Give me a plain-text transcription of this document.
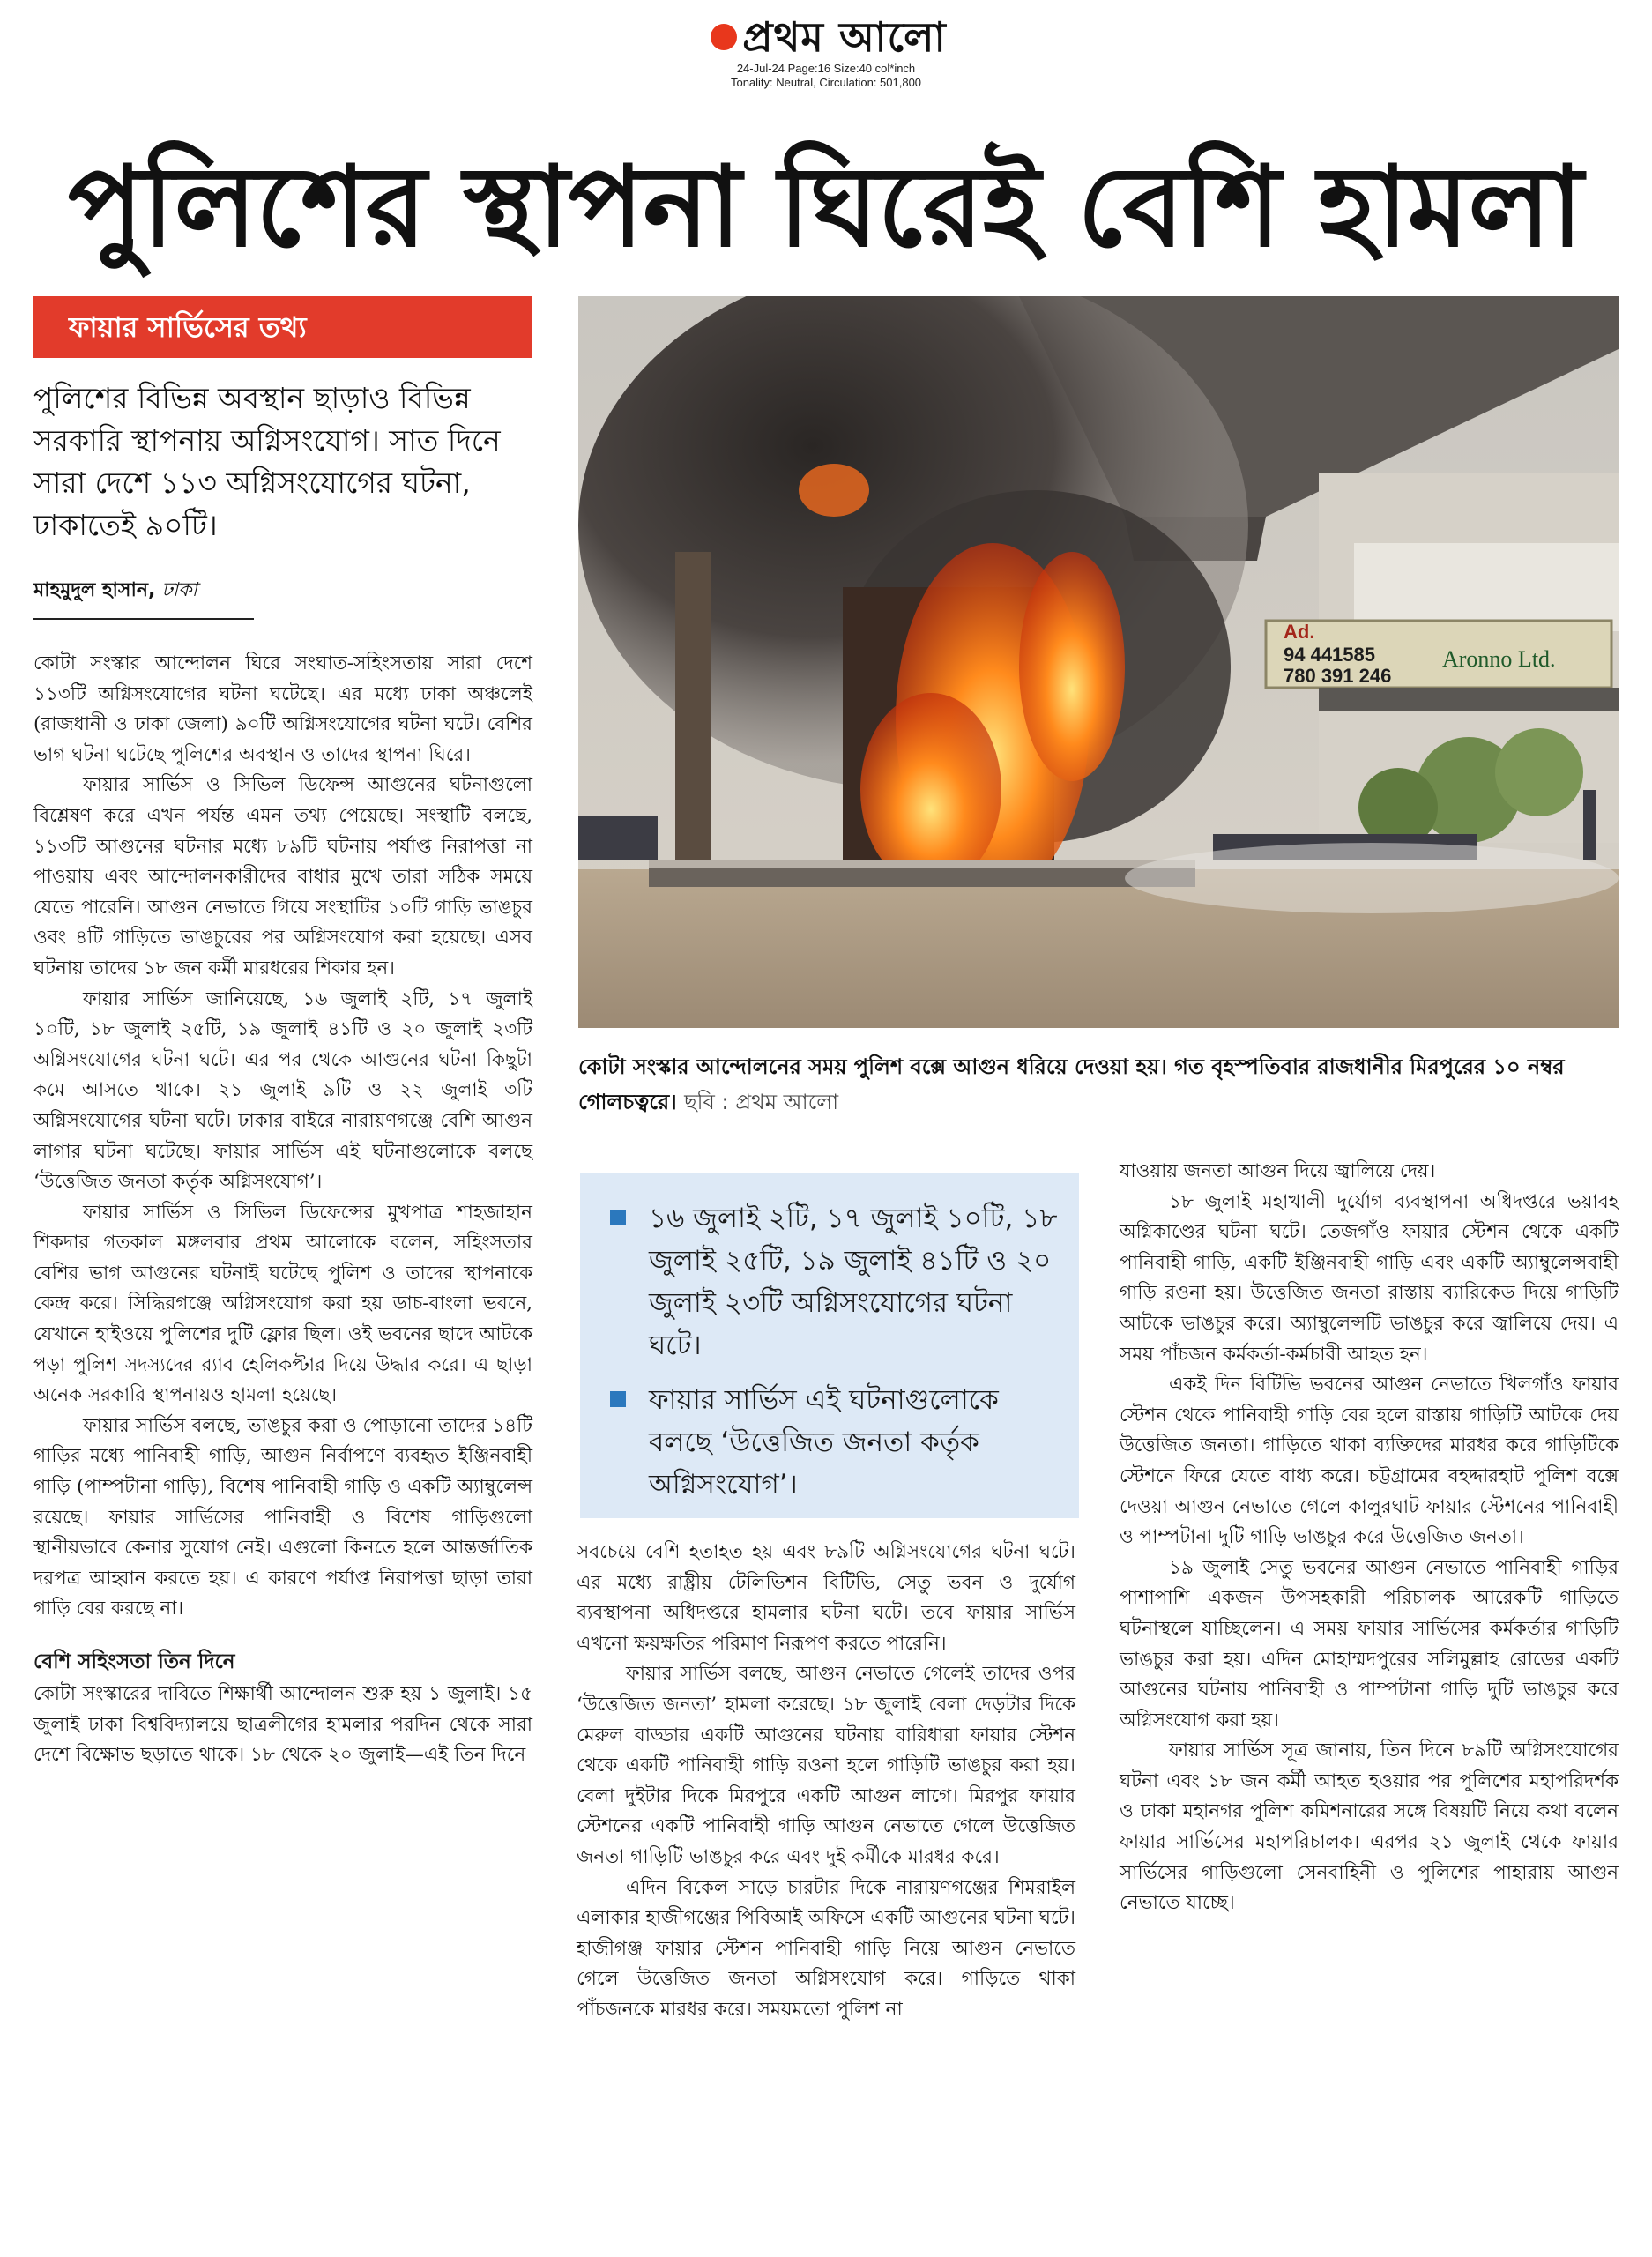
প্রথম আলো
24-Jul-24 Page:16 Size:40 col*inch
Tonality: Neutral, Circulation: 501,800
পুলিশের স্থাপনা ঘিরেই বেশি হামলা
ফায়ার সার্ভিসের তথ্য
পুলিশের বিভিন্ন অবস্থান ছাড়াও বিভিন্ন সরকারি স্থাপনায় অগ্নিসংযোগ। সাত দিনে সারা দেশে ১১৩ অগ্নিসংযোগের ঘটনা, ঢাকাতেই ৯০টি।
মাহমুদুল হাসান, ঢাকা

কোটা সংস্কার আন্দোলন ঘিরে সংঘাত-সহিংসতায় সারা দেশে ১১৩টি অগ্নিসংযোগের ঘটনা ঘটেছে। এর মধ্যে ঢাকা অঞ্চলেই (রাজধানী ও ঢাকা জেলা) ৯০টি অগ্নিসংযোগের ঘটনা ঘটে। বেশির ভাগ ঘটনা ঘটেছে পুলিশের অবস্থান ও তাদের স্থাপনা ঘিরে।

ফায়ার সার্ভিস ও সিভিল ডিফেন্স আগুনের ঘটনাগুলো বিশ্লেষণ করে এখন পর্যন্ত এমন তথ্য পেয়েছে। সংস্থাটি বলছে, ১১৩টি আগুনের ঘটনার মধ্যে ৮৯টি ঘটনায় পর্যাপ্ত নিরাপত্তা না পাওয়ায় এবং আন্দোলনকারীদের বাধার মুখে তারা সঠিক সময়ে যেতে পারেনি। আগুন নেভাতে গিয়ে সংস্থাটির ১০টি গাড়ি ভাঙচুর ওবং ৪টি গাড়িতে ভাঙচুরের পর অগ্নিসংযোগ করা হয়েছে। এসব ঘটনায় তাদের ১৮ জন কর্মী মারধরের শিকার হন।

ফায়ার সার্ভিস জানিয়েছে, ১৬ জুলাই ২টি, ১৭ জুলাই ১০টি, ১৮ জুলাই ২৫টি, ১৯ জুলাই ৪১টি ও ২০ জুলাই ২৩টি অগ্নিসংযোগের ঘটনা ঘটে। এর পর থেকে আগুনের ঘটনা কিছুটা কমে আসতে থাকে। ২১ জুলাই ৯টি ও ২২ জুলাই ৩টি অগ্নিসংযোগের ঘটনা ঘটে। ঢাকার বাইরে নারায়ণগঞ্জে বেশি আগুন লাগার ঘটনা ঘটেছে। ফায়ার সার্ভিস এই ঘটনাগুলোকে বলছে ‘উত্তেজিত জনতা কর্তৃক অগ্নিসংযোগ’।

ফায়ার সার্ভিস ও সিভিল ডিফেন্সের মুখপাত্র শাহজাহান শিকদার গতকাল মঙ্গলবার প্রথম আলোকে বলেন, সহিংসতার বেশির ভাগ আগুনের ঘটনাই ঘটেছে পুলিশ ও তাদের স্থাপনাকে কেন্দ্র করে। সিদ্ধিরগঞ্জে অগ্নিসংযোগ করা হয় ডাচ-বাংলা ভবনে, যেখানে হাইওয়ে পুলিশের দুটি ফ্লোর ছিল। ওই ভবনের ছাদে আটকে পড়া পুলিশ সদস্যদের র‍্যাব হেলিকপ্টার দিয়ে উদ্ধার করে। এ ছাড়া অনেক সরকারি স্থাপনায়ও হামলা হয়েছে।

ফায়ার সার্ভিস বলছে, ভাঙচুর করা ও পোড়ানো তাদের ১৪টি গাড়ির মধ্যে পানিবাহী গাড়ি, আগুন নির্বাপণে ব্যবহৃত ইঞ্জিনবাহী গাড়ি (পাম্পটানা গাড়ি), বিশেষ পানিবাহী গাড়ি ও একটি অ্যাম্বুলেন্স রয়েছে। ফায়ার সার্ভিসের পানিবাহী ও বিশেষ গাড়িগুলো স্থানীয়ভাবে কেনার সুযোগ নেই। এগুলো কিনতে হলে আন্তর্জাতিক দরপত্র আহ্বান করতে হয়। এ কারণে পর্যাপ্ত নিরাপত্তা ছাড়া তারা গাড়ি বের করছে না।

বেশি সহিংসতা তিন দিনে

কোটা সংস্কারের দাবিতে শিক্ষার্থী আন্দোলন শুরু হয় ১ জুলাই। ১৫ জুলাই ঢাকা বিশ্ববিদ্যালয়ে ছাত্রলীগের হামলার পরদিন থেকে সারা দেশে বিক্ষোভ ছড়াতে থাকে। ১৮ থেকে ২০ জুলাই—এই তিন দিনে

Ad.
94 441585
780 391 246
Aronno Ltd.
কোটা সংস্কার আন্দোলনের সময় পুলিশ বক্সে আগুন ধরিয়ে দেওয়া হয়। গত বৃহস্পতিবার রাজধানীর মিরপুরের ১০ নম্বর গোলচত্বরে। ছবি : প্রথম আলো
১৬ জুলাই ২টি, ১৭ জুলাই ১০টি, ১৮ জুলাই ২৫টি, ১৯ জুলাই ৪১টি ও ২০ জুলাই ২৩টি অগ্নিসংযোগের ঘটনা ঘটে।
ফায়ার সার্ভিস এই ঘটনাগুলোকে বলছে ‘উত্তেজিত জনতা কর্তৃক অগ্নিসংযোগ’।

সবচেয়ে বেশি হতাহত হয় এবং ৮৯টি অগ্নিসংযোগের ঘটনা ঘটে। এর মধ্যে রাষ্ট্রীয় টেলিভিশন বিটিভি, সেতু ভবন ও দুর্যোগ ব্যবস্থাপনা অধিদপ্তরে হামলার ঘটনা ঘটে। তবে ফায়ার সার্ভিস এখনো ক্ষয়ক্ষতির পরিমাণ নিরূপণ করতে পারেনি।

ফায়ার সার্ভিস বলছে, আগুন নেভাতে গেলেই তাদের ওপর ‘উত্তেজিত জনতা’ হামলা করেছে। ১৮ জুলাই বেলা দেড়টার দিকে মেরুল বাড্ডার একটি আগুনের ঘটনায় বারিধারা ফায়ার স্টেশন থেকে একটি পানিবাহী গাড়ি রওনা হলে গাড়িটি ভাঙচুর করা হয়। বেলা দুইটার দিকে মিরপুরে একটি আগুন লাগে। মিরপুর ফায়ার স্টেশনের একটি পানিবাহী গাড়ি আগুন নেভাতে গেলে উত্তেজিত জনতা গাড়িটি ভাঙচুর করে এবং দুই কর্মীকে মারধর করে।

এদিন বিকেল সাড়ে চারটার দিকে নারায়ণগঞ্জের শিমরাইল এলাকার হাজীগঞ্জের পিবিআই অফিসে একটি আগুনের ঘটনা ঘটে। হাজীগঞ্জ ফায়ার স্টেশন পানিবাহী গাড়ি নিয়ে আগুন নেভাতে গেলে উত্তেজিত জনতা অগ্নিসংযোগ করে। গাড়িতে থাকা পাঁচজনকে মারধর করে। সময়মতো পুলিশ না

যাওয়ায় জনতা আগুন দিয়ে জ্বালিয়ে দেয়।

১৮ জুলাই মহাখালী দুর্যোগ ব্যবস্থাপনা অধিদপ্তরে ভয়াবহ অগ্নিকাণ্ডের ঘটনা ঘটে। তেজগাঁও ফায়ার স্টেশন থেকে একটি পানিবাহী গাড়ি, একটি ইঞ্জিনবাহী গাড়ি এবং একটি অ্যাম্বুলেন্সবাহী গাড়ি রওনা হয়। উত্তেজিত জনতা রাস্তায় ব্যারিকেড দিয়ে গাড়িটি আটকে ভাঙচুর করে। অ্যাম্বুলেন্সটি ভাঙচুর করে জ্বালিয়ে দেয়। এ সময় পাঁচজন কর্মকর্তা-কর্মচারী আহত হন।

একই দিন বিটিভি ভবনের আগুন নেভাতে খিলগাঁও ফায়ার স্টেশন থেকে পানিবাহী গাড়ি বের হলে রাস্তায় গাড়িটি আটকে দেয় উত্তেজিত জনতা। গাড়িতে থাকা ব্যক্তিদের মারধর করে গাড়িটিকে স্টেশনে ফিরে যেতে বাধ্য করে। চট্টগ্রামের বহদ্দারহাট পুলিশ বক্সে দেওয়া আগুন নেভাতে গেলে কালুরঘাট ফায়ার স্টেশনের পানিবাহী ও পাম্পটানা দুটি গাড়ি ভাঙচুর করে উত্তেজিত জনতা।

১৯ জুলাই সেতু ভবনের আগুন নেভাতে পানিবাহী গাড়ির পাশাপাশি একজন উপসহকারী পরিচালক আরেকটি গাড়িতে ঘটনাস্থলে যাচ্ছিলেন। এ সময় ফায়ার সার্ভিসের কর্মকর্তার গাড়িটি ভাঙচুর করা হয়। এদিন মোহাম্মদপুরের সলিমুল্লাহ রোডের একটি আগুনের ঘটনায় পানিবাহী ও পাম্পটানা গাড়ি দুটি ভাঙচুর করে অগ্নিসংযোগ করা হয়।

ফায়ার সার্ভিস সূত্র জানায়, তিন দিনে ৮৯টি অগ্নিসংযোগের ঘটনা এবং ১৮ জন কর্মী আহত হওয়ার পর পুলিশের মহাপরিদর্শক ও ঢাকা মহানগর পুলিশ কমিশনারের সঙ্গে বিষয়টি নিয়ে কথা বলেন ফায়ার সার্ভিসের মহাপরিচালক। এরপর ২১ জুলাই থেকে ফায়ার সার্ভিসের গাড়িগুলো সেনবাহিনী ও পুলিশের পাহারায় আগুন নেভাতে যাচ্ছে।
